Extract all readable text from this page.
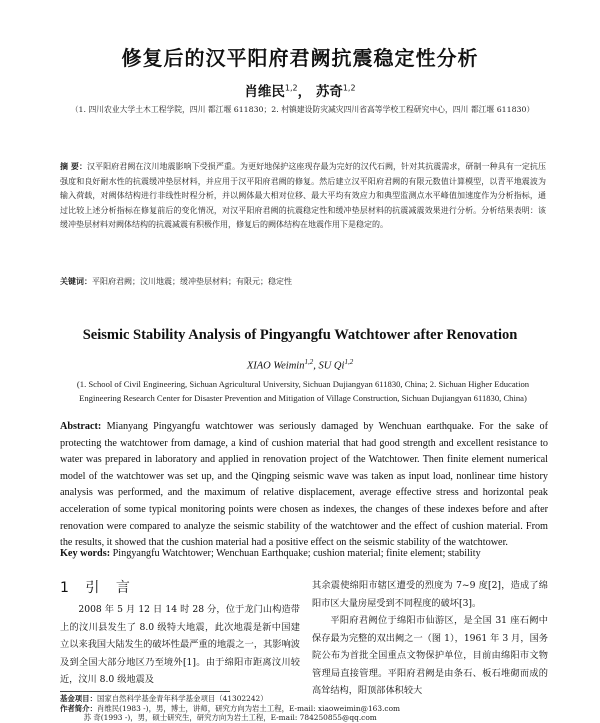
修复后的汉平阳府君阙抗震稳定性分析
肖维民$^{1,2}$， 苏奇$^{1,2}$
（1. 四川农业大学土木工程学院，四川 都江堰 611830；2. 村镇建设防灾减灾四川省高等学校工程研究中心，四川 都江堰 611830）
摘 要：汉平阳府君阙在汶川地震影响下受损严重。为更好地保护这座现存最为完好的汉代石阙，针对其抗震需求，研制一种具有一定抗压强度和良好耐水性的抗震缓冲垫层材料，并应用于汉平阳府君阙的修复。然后建立汉平阳府君阙的有限元数值计算模型，以青平地震波为输入荷载，对阙体结构进行非线性时程分析，并以阙体最大相对位移、最大平均有效应力和典型监测点水平峰值加速度作为分析指标，通过比较上述分析指标在修复前后的变化情况，对汉平阳府君阙的抗震稳定性和缓冲垫层材料的抗震减震效果进行分析。分析结果表明：该缓冲垫层材料对阙体结构的抗震减震有积极作用，修复后的阙体结构在地震作用下是稳定的。
关键词：平阳府君阙；汶川地震；缓冲垫层材料；有限元；稳定性
Seismic Stability Analysis of Pingyangfu Watchtower after Renovation
XIAO Weimin$^{1,2}$, SU Qi$^{1,2}$
(1. School of Civil Engineering, Sichuan Agricultural University, Sichuan Dujiangyan 611830, China; 2. Sichuan Higher Education Engineering Research Center for Disaster Prevention and Mitigation of Village Construction, Sichuan Dujiangyan 611830, China)
Abstract: Mianyang Pingyangfu watchtower was seriously damaged by Wenchuan earthquake. For the sake of protecting the watchtower from damage, a kind of cushion material that had good strength and excellent resistance to water was prepared in laboratory and applied in renovation project of the Watchtower. Then finite element numerical model of the watchtower was set up, and the Qingping seismic wave was taken as input load, nonlinear time history analysis was performed, and the maximum of relative displacement, average effective stress and horizontal peak acceleration of some typical monitoring points were chosen as indexes, the changes of these indexes before and after renovation were compared to analyze the seismic stability of the watchtower and the effect of cushion material. From the results, it showed that the cushion material had a positive effect on the seismic stability of the watchtower.
Key words: Pingyangfu Watchtower; Wenchuan Earthquake; cushion material; finite element; stability
1 引 言
2008 年 5 月 12 日 14 时 28 分，位于龙门山构造带上的汶川县发生了 8.0 级特大地震，此次地震是新中国建立以来我国大陆发生的破坏性最严重的地震之一，其影响波及到全国大部分地区乃至境外[1]。由于绵阳市距离汶川较近，汶川 8.0 级地震及

其余震使绵阳市辖区遭受的烈度为 7~9 度[2]，造成了绵阳市区大量房屋受到不同程度的破坏[3]。

平阳府君阙位于绵阳市仙游区，是全国 31 座石阙中保存最为完整的双出阙之一（图 1），1961 年 3 月，国务院公布为首批全国重点文物保护单位，目前由绵阳市文物管理局直接管理。平阳府君阙是由条石、板石堆砌而成的高耸结构，阳顶部体积较大

基金项目：国家自然科学基金青年科学基金项目（41302242）
作者简介：肖维民(1983 -)，男，博士，讲师，研究方向为岩土工程，E-mail: xiaoweimin@163.com
苏 奇(1993 -)，男，硕士研究生，研究方向为岩土工程，E-mail: 784250855@qq.com
